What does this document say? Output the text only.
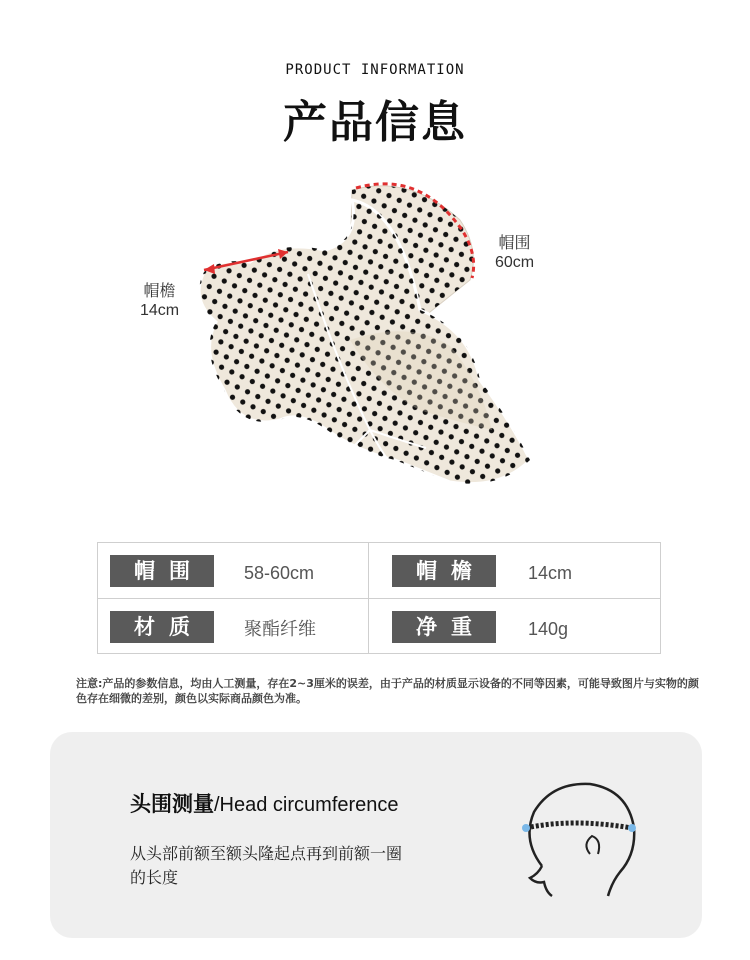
PRODUCT INFORMATION
产品信息
帽围
60cm
帽檐
14cm
帽围	58-60cm	帽檐	14cm
材质	聚酯纤维	净重	140g
注意:产品的参数信息，均由人工测量，存在2~3厘米的误差，由于产品的材质显示设备的不同等因素，可能导致图片与实物的颜色存在细微的差别，颜色以实际商品颜色为准。
头围测量/Head circumference
从头部前额至额头隆起点再到前额一圈的长度
